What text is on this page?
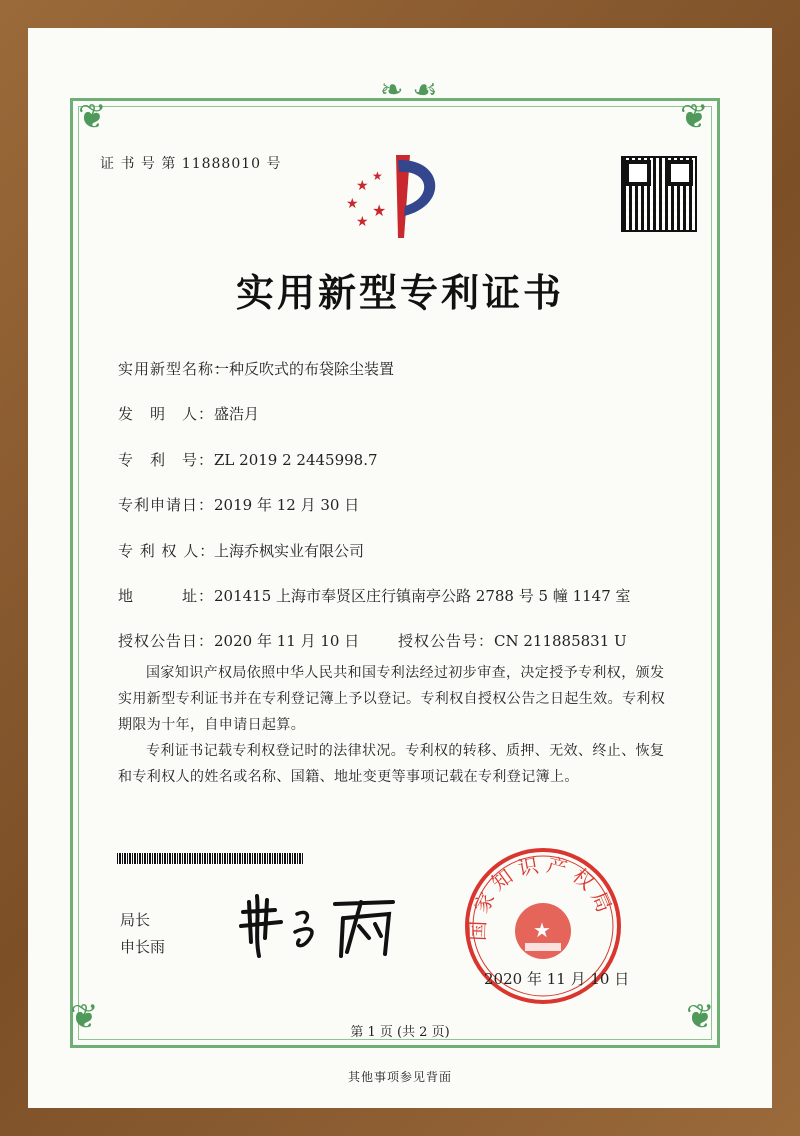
❦	❦
❦	❦
❧ ☙
证 书 号 第 11888010 号
★
★
★
★
★
实用新型专利证书
实用新型名称：一种反吹式的布袋除尘装置
发　明　人：盛浩月
专　利　号：ZL 2019 2 2445998.7
专利申请日：2019 年 12 月 30 日
专 利 权 人：上海乔枫实业有限公司
地　　　址：201415 上海市奉贤区庄行镇南亭公路 2788 号 5 幢 1147 室
授权公告日：2020 年 11 月 10 日	授权公告号：CN 211885831 U
国家知识产权局依照中华人民共和国专利法经过初步审查，决定授予专利权，颁发实用新型专利证书并在专利登记簿上予以登记。专利权自授权公告之日起生效。专利权期限为十年，自申请日起算。
专利证书记载专利权登记时的法律状况。专利权的转移、质押、无效、终止、恢复和专利权人的姓名或名称、国籍、地址变更等事项记载在专利登记簿上。
局长
申长雨
国家知识产权局
★
2020 年 11 月 10 日
第 1 页 (共 2 页)
其他事项参见背面
